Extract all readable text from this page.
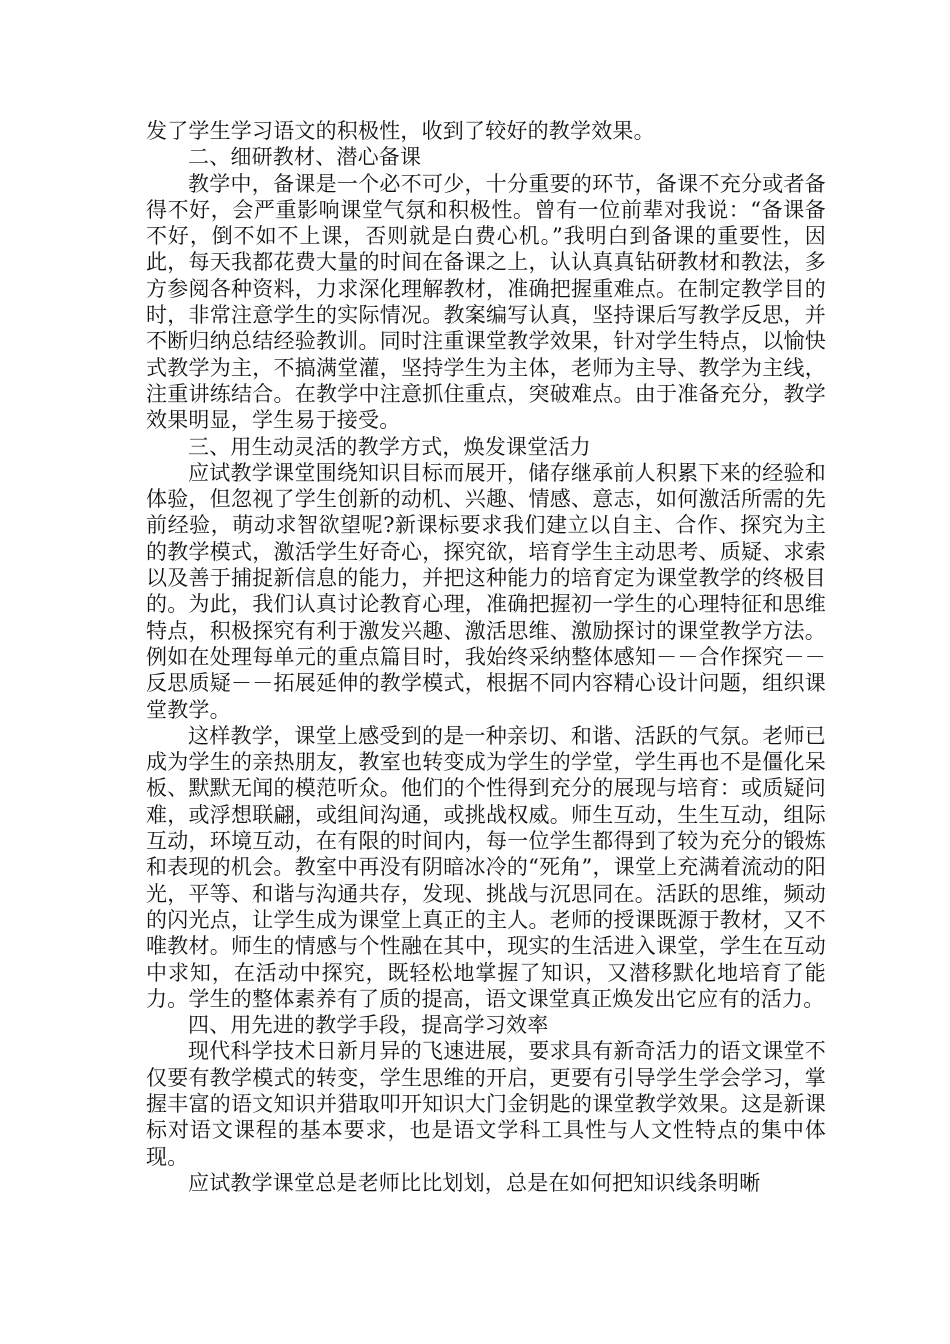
发了学生学习语文的积极性，收到了较好的教学效果。

二、细研教材、潜心备课

教学中，备课是一个必不可少，十分重要的环节，备课不充分或者备得不好，会严重影响课堂气氛和积极性。曾有一位前辈对我说：“备课备不好，倒不如不上课，否则就是白费心机。”我明白到备课的重要性，因此，每天我都花费大量的时间在备课之上，认认真真钻研教材和教法，多方参阅各种资料，力求深化理解教材，准确把握重难点。在制定教学目的时，非常注意学生的实际情况。教案编写认真，坚持课后写教学反思，并不断归纳总结经验教训。同时注重课堂教学效果，针对学生特点，以愉快式教学为主，不搞满堂灌，坚持学生为主体，老师为主导、教学为主线，注重讲练结合。在教学中注意抓住重点，突破难点。由于准备充分，教学效果明显，学生易于接受。

三、用生动灵活的教学方式，焕发课堂活力

应试教学课堂围绕知识目标而展开，储存继承前人积累下来的经验和体验，但忽视了学生创新的动机、兴趣、情感、意志，如何激活所需的先前经验，萌动求智欲望呢?新课标要求我们建立以自主、合作、探究为主的教学模式，激活学生好奇心，探究欲，培育学生主动思考、质疑、求索以及善于捕捉新信息的能力，并把这种能力的培育定为课堂教学的终极目的。为此，我们认真讨论教育心理，准确把握初一学生的心理特征和思维特点，积极探究有利于激发兴趣、激活思维、激励探讨的课堂教学方法。例如在处理每单元的重点篇目时，我始终采纳整体感知－－合作探究－－反思质疑－－拓展延伸的教学模式，根据不同内容精心设计问题，组织课堂教学。

这样教学，课堂上感受到的是一种亲切、和谐、活跃的气氛。老师已成为学生的亲热朋友，教室也转变成为学生的学堂，学生再也不是僵化呆板、默默无闻的模范听众。他们的个性得到充分的展现与培育：或质疑问难，或浮想联翩，或组间沟通，或挑战权威。师生互动，生生互动，组际互动，环境互动，在有限的时间内，每一位学生都得到了较为充分的锻炼和表现的机会。教室中再没有阴暗冰冷的“死角”，课堂上充满着流动的阳光，平等、和谐与沟通共存，发现、挑战与沉思同在。活跃的思维，频动的闪光点，让学生成为课堂上真正的主人。老师的授课既源于教材，又不唯教材。师生的情感与个性融在其中，现实的生活进入课堂，学生在互动中求知，在活动中探究，既轻松地掌握了知识，又潜移默化地培育了能力。学生的整体素养有了质的提高，语文课堂真正焕发出它应有的活力。

四、用先进的教学手段，提高学习效率

现代科学技术日新月异的飞速进展，要求具有新奇活力的语文课堂不仅要有教学模式的转变，学生思维的开启，更要有引导学生学会学习，掌握丰富的语文知识并猎取叩开知识大门金钥匙的课堂教学效果。这是新课标对语文课程的基本要求，也是语文学科工具性与人文性特点的集中体现。

应试教学课堂总是老师比比划划，总是在如何把知识线条明晰
